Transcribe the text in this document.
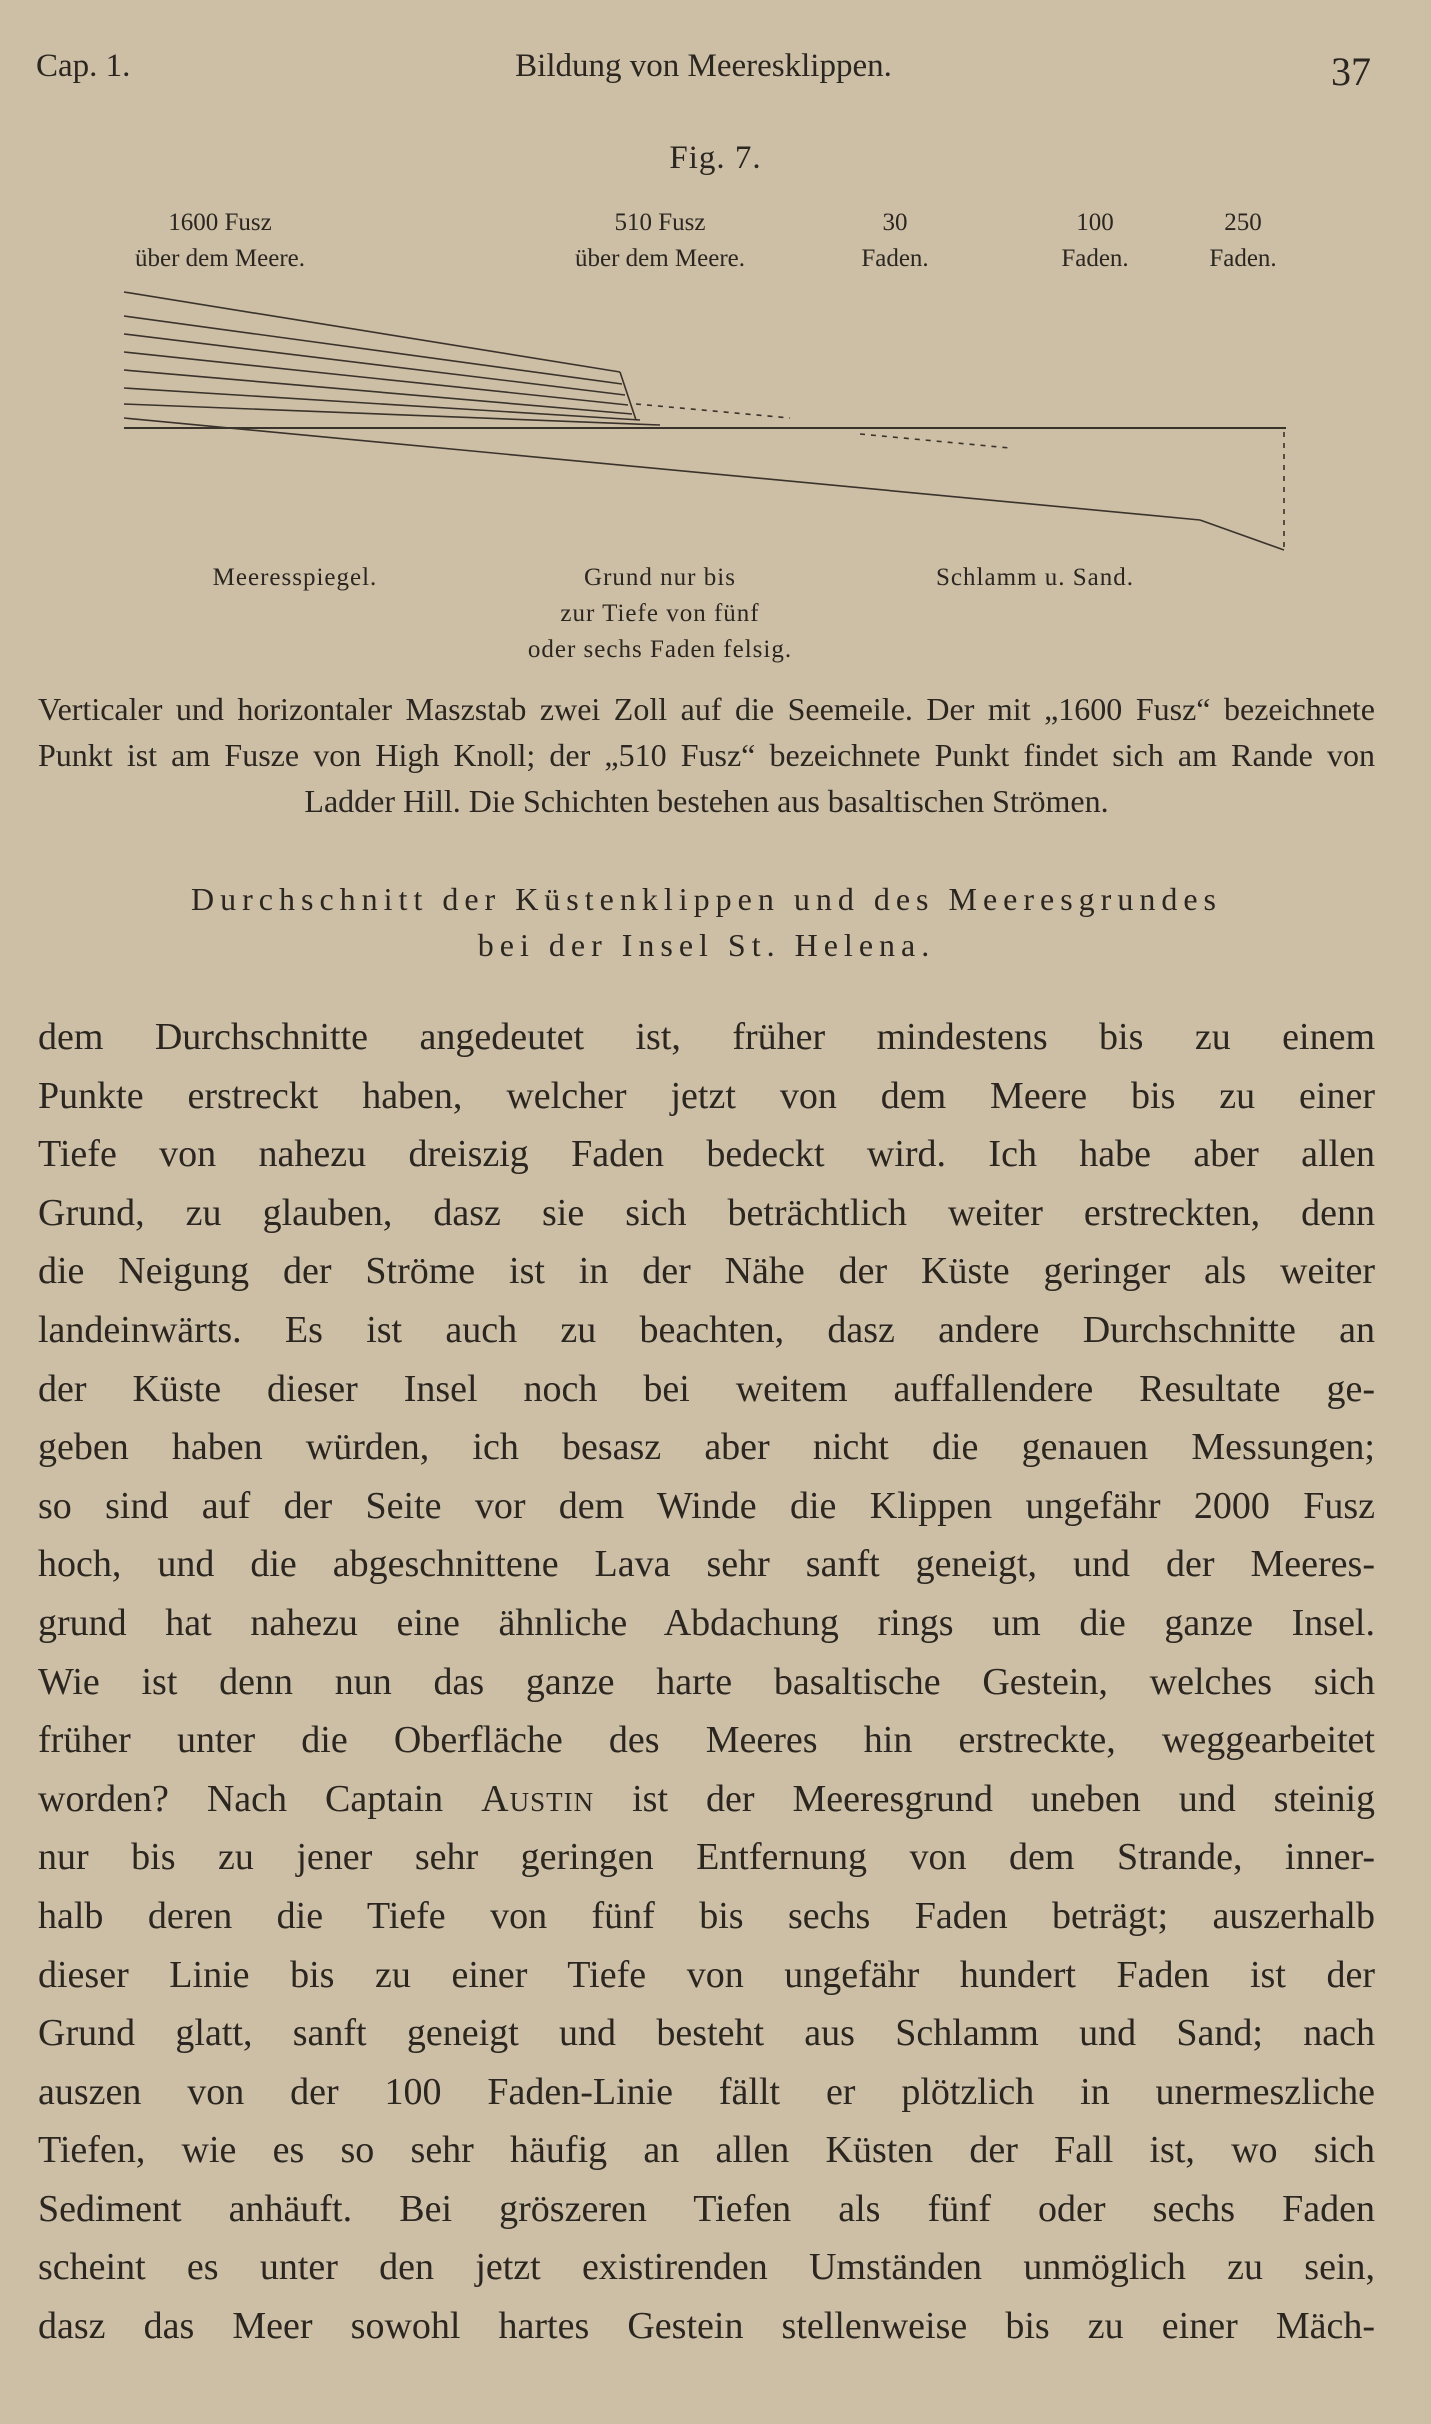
Cap. 1.	Bildung von Meeresklippen.	37
Fig. 7.
1600 Fusz
über dem Meere.
510 Fusz
über dem Meere.
30
Faden.
100
Faden.
250
Faden.
Meeresspiegel.	Grund nur bis
zur Tiefe von fünf
oder sechs Faden felsig.
Schlamm u. Sand.
Verticaler und horizontaler Maszstab zwei Zoll auf die Seemeile. Der mit „1600 Fusz“ bezeichnete Punkt ist am Fusze von High Knoll; der „510 Fusz“ bezeichnete Punkt findet sich am Rande von Ladder Hill. Die Schichten bestehen aus basaltischen Strömen.
Durchschnitt der Küstenklippen und des Meeresgrundes
bei der Insel St. Helena.
dem Durchschnitte angedeutet ist, früher mindestens bis zu einem
Punkte erstreckt haben, welcher jetzt von dem Meere bis zu einer
Tiefe von nahezu dreiszig Faden bedeckt wird. Ich habe aber allen
Grund, zu glauben, dasz sie sich beträchtlich weiter erstreckten, denn
die Neigung der Ströme ist in der Nähe der Küste geringer als weiter
landeinwärts. Es ist auch zu beachten, dasz andere Durchschnitte an
der Küste dieser Insel noch bei weitem auffallendere Resultate ge-
geben haben würden, ich besasz aber nicht die genauen Messungen;
so sind auf der Seite vor dem Winde die Klippen ungefähr 2000 Fusz
hoch, und die abgeschnittene Lava sehr sanft geneigt, und der Meeres-
grund hat nahezu eine ähnliche Abdachung rings um die ganze Insel.
Wie ist denn nun das ganze harte basaltische Gestein, welches sich
früher unter die Oberfläche des Meeres hin erstreckte, weggearbeitet
worden? Nach Captain Austin ist der Meeresgrund uneben und steinig
nur bis zu jener sehr geringen Entfernung von dem Strande, inner-
halb deren die Tiefe von fünf bis sechs Faden beträgt; auszerhalb
dieser Linie bis zu einer Tiefe von ungefähr hundert Faden ist der
Grund glatt, sanft geneigt und besteht aus Schlamm und Sand; nach
auszen von der 100 Faden-Linie fällt er plötzlich in unermeszliche
Tiefen, wie es so sehr häufig an allen Küsten der Fall ist, wo sich
Sediment anhäuft. Bei gröszeren Tiefen als fünf oder sechs Faden
scheint es unter den jetzt existirenden Umständen unmöglich zu sein,
dasz das Meer sowohl hartes Gestein stellenweise bis zu einer Mäch-
